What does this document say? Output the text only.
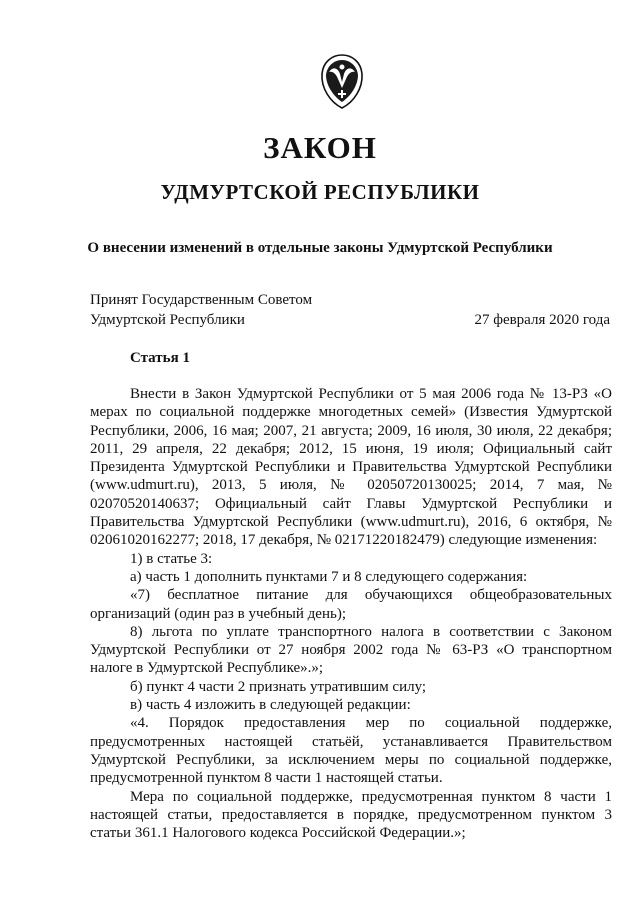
ЗАКОН
УДМУРТСКОЙ РЕСПУБЛИКИ
О внесении изменений в отдельные законы Удмуртской Республики
Принят Государственным Советом
Удмуртской Республики	27 февраля 2020 года
Статья 1

Внести в Закон Удмуртской Республики от 5 мая 2006 года № 13-РЗ «О мерах по социальной поддержке многодетных семей» (Известия Удмуртской Республики, 2006, 16 мая; 2007, 21 августа; 2009, 16 июля, 30 июля, 22 декабря; 2011, 29 апреля, 22 декабря; 2012, 15 июня, 19 июля; Официальный сайт Президента Удмуртской Республики и Правительства Удмуртской Республики (www.udmurt.ru), 2013, 5 июля, № 02050720130025; 2014, 7 мая, № 02070520140637; Официальный сайт Главы Удмуртской Республики и Правительства Удмуртской Республики (www.udmurt.ru), 2016, 6 октября, № 02061020162277; 2018, 17 декабря, № 02171220182479) следующие изменения:

1) в статье 3:

а) часть 1 дополнить пунктами 7 и 8 следующего содержания:

«7) бесплатное питание для обучающихся общеобразовательных организаций (один раз в учебный день);

8) льгота по уплате транспортного налога в соответствии с Законом Удмуртской Республики от 27 ноября 2002 года № 63-РЗ «О транспортном налоге в Удмуртской Республике».»;

б) пункт 4 части 2 признать утратившим силу;

в) часть 4 изложить в следующей редакции:

«4. Порядок предоставления мер по социальной поддержке, предусмотренных настоящей статьёй, устанавливается Правительством Удмуртской Республики, за исключением меры по социальной поддержке, предусмотренной пунктом 8 части 1 настоящей статьи.

Мера по социальной поддержке, предусмотренная пунктом 8 части 1 настоящей статьи, предоставляется в порядке, предусмотренном пунктом 3 статьи 361.1 Налогового кодекса Российской Федерации.»;
